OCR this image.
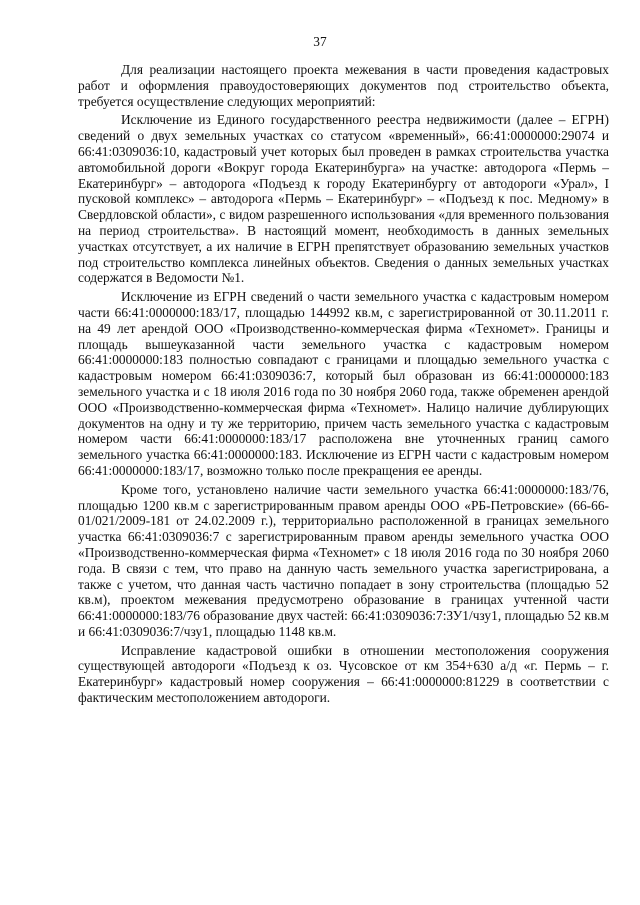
37

Для реализации настоящего проекта межевания в части проведения кадастровых работ и оформления правоудостоверяющих документов под строительство объекта, требуется осуществление следующих мероприятий:

Исключение из Единого государственного реестра недвижимости (далее – ЕГРН) сведений о двух земельных участках со статусом «временный», 66:41:0000000:29074 и 66:41:0309036:10, кадастровый учет которых был проведен в рамках строительства участка автомобильной дороги «Вокруг города Екатеринбурга» на участке: автодорога «Пермь – Екатеринбург» – автодорога «Подъезд к городу Екатеринбургу от автодороги «Урал», I пусковой комплекс» – автодорога «Пермь – Екатеринбург» – «Подъезд к пос. Медному» в Свердловской области», с видом разрешенного использования «для временного пользования на период строительства». В настоящий момент, необходимость в данных земельных участках отсутствует, а их наличие в ЕГРН препятствует образованию земельных участков под строительство комплекса линейных объектов. Сведения о данных земельных участках содержатся в Ведомости №1.

Исключение из ЕГРН сведений о части земельного участка с кадастровым номером части 66:41:0000000:183/17, площадью 144992 кв.м, с зарегистрированной от 30.11.2011 г. на 49 лет арендой ООО «Производственно-коммерческая фирма «Техномет». Границы и площадь вышеуказанной части земельного участка с кадастровым номером 66:41:0000000:183 полностью совпадают с границами и площадью земельного участка с кадастровым номером 66:41:0309036:7, который был образован из 66:41:0000000:183 земельного участка и с 18 июля 2016 года по 30 ноября 2060 года, также обременен арендой ООО «Производственно-коммерческая фирма «Техномет». Налицо наличие дублирующих документов на одну и ту же территорию, причем часть земельного участка с кадастровым номером части 66:41:0000000:183/17 расположена вне уточненных границ самого земельного участка 66:41:0000000:183. Исключение из ЕГРН части с кадастровым номером 66:41:0000000:183/17, возможно только после прекращения ее аренды.

Кроме того, установлено наличие части земельного участка 66:41:0000000:183/76, площадью 1200 кв.м с зарегистрированным правом аренды ООО «РБ-Петровские» (66-66-01/021/2009-181 от 24.02.2009 г.), территориально расположенной в границах земельного участка 66:41:0309036:7 с зарегистрированным правом аренды земельного участка ООО «Производственно-коммерческая фирма «Техномет» с 18 июля 2016 года по 30 ноября 2060 года. В связи с тем, что право на данную часть земельного участка зарегистрирована, а также с учетом, что данная часть частично попадает в зону строительства (площадью 52 кв.м), проектом межевания предусмотрено образование в границах учтенной части 66:41:0000000:183/76 образование двух частей: 66:41:0309036:7:ЗУ1/чзу1, площадью 52 кв.м и 66:41:0309036:7/чзу1, площадью 1148 кв.м.

Исправление кадастровой ошибки в отношении местоположения сооружения существующей автодороги «Подъезд к оз. Чусовское от км 354+630 а/д «г. Пермь – г. Екатеринбург» кадастровый номер сооружения – 66:41:0000000:81229 в соответствии с фактическим местоположением автодороги.
